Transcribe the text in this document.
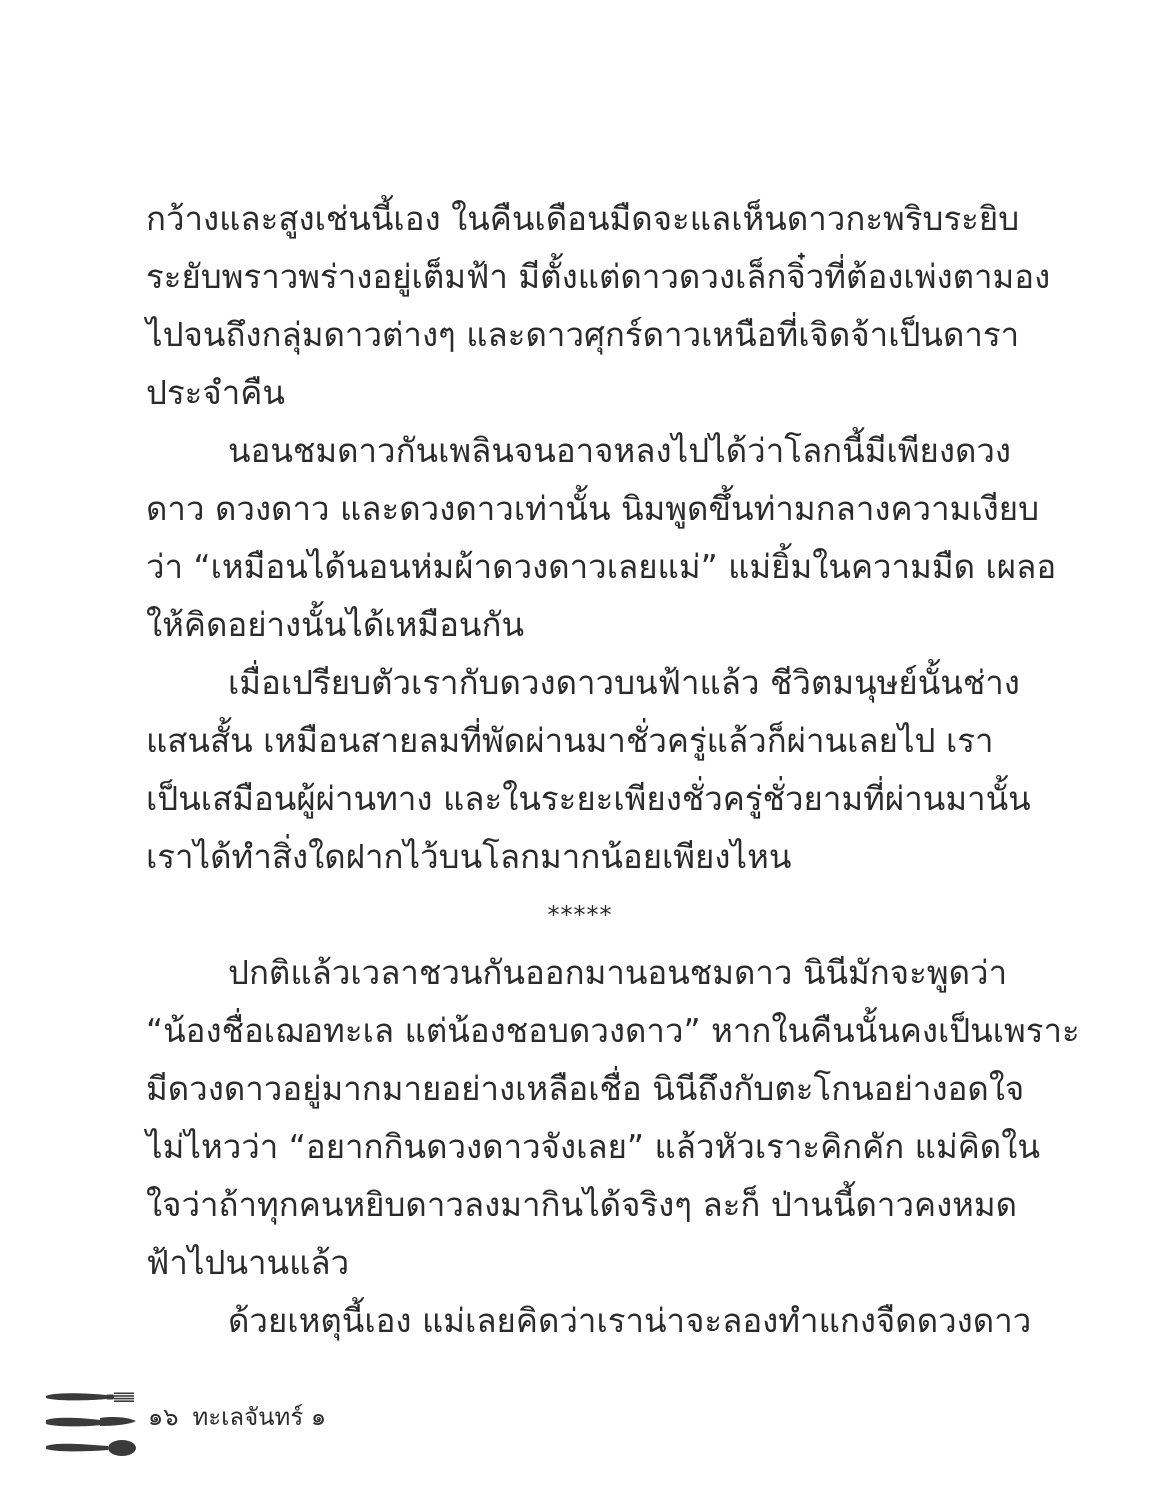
กว้างและสูงเช่นนี้เอง ในคืนเดือนมืดจะแลเห็นดาวกะพริบระยิบ
ระยับพราวพร่างอยู่เต็มฟ้า มีตั้งแต่ดาวดวงเล็กจิ๋วที่ต้องเพ่งตามอง
ไปจนถึงกลุ่มดาวต่างๆ และดาวศุกร์ดาวเหนือที่เจิดจ้าเป็นดารา
ประจำคืน
นอนชมดาวกันเพลินจนอาจหลงไปได้ว่าโลกนี้มีเพียงดวง
ดาว ดวงดาว และดวงดาวเท่านั้น นิมพูดขึ้นท่ามกลางความเงียบ
ว่า “เหมือนได้นอนห่มผ้าดวงดาวเลยแม่” แม่ยิ้มในความมืด เผลอ
ให้คิดอย่างนั้นได้เหมือนกัน
เมื่อเปรียบตัวเรากับดวงดาวบนฟ้าแล้ว ชีวิตมนุษย์นั้นช่าง
แสนสั้น เหมือนสายลมที่พัดผ่านมาชั่วครู่แล้วก็ผ่านเลยไป เรา
เป็นเสมือนผู้ผ่านทาง และในระยะเพียงชั่วครู่ชั่วยามที่ผ่านมานั้น
เราได้ทำสิ่งใดฝากไว้บนโลกมากน้อยเพียงไหน
*****
ปกติแล้วเวลาชวนกันออกมานอนชมดาว นินีมักจะพูดว่า
“น้องชื่อเฌอทะเล แต่น้องชอบดวงดาว” หากในคืนนั้นคงเป็นเพราะ
มีดวงดาวอยู่มากมายอย่างเหลือเชื่อ นินีถึงกับตะโกนอย่างอดใจ
ไม่ไหวว่า “อยากกินดวงดาวจังเลย” แล้วหัวเราะคิกคัก แม่คิดใน
ใจว่าถ้าทุกคนหยิบดาวลงมากินได้จริงๆ ละก็ ป่านนี้ดาวคงหมด
ฟ้าไปนานแล้ว
ด้วยเหตุนี้เอง แม่เลยคิดว่าเราน่าจะลองทำแกงจืดดวงดาว
๑๖ ทะเลจันทร์ ๑
